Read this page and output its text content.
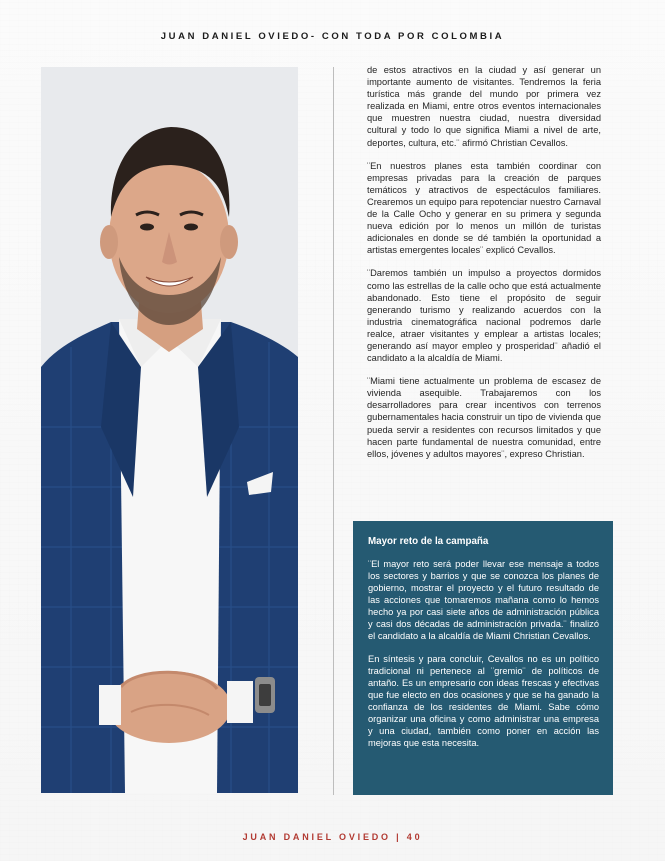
JUAN DANIEL OVIEDO- CON TODA POR COLOMBIA

de estos atractivos en la ciudad y así generar un importante aumento de visitantes. Tendremos la feria turística más grande del mundo por primera vez realizada en Miami, entre otros eventos internacionales que muestren nuestra ciudad, nuestra diversidad cultural y todo lo que significa Miami a nivel de arte, deportes, cultura, etc.¨ afirmó Christian Cevallos.

¨En nuestros planes esta también coordinar con empresas privadas para la creación de parques temáticos y atractivos de espectáculos familiares. Crearemos un equipo para repotenciar nuestro Carnaval de la Calle Ocho y generar en su primera y segunda nueva edición por lo menos un millón de turistas adicionales en donde se dé también la oportunidad a artistas emergentes locales¨ explicó Cevallos.

¨Daremos también un impulso a proyectos dormidos como las estrellas de la calle ocho que está actualmente abandonado. Esto tiene el propósito de seguir generando turismo y realizando acuerdos con la industria cinematográfica nacional podremos darle realce, atraer visitantes y emplear a artistas locales; generando así mayor empleo y prosperidad¨ añadió el candidato a la alcaldía de Miami.

¨Miami tiene actualmente un problema de escasez de vivienda asequible. Trabajaremos con los desarrolladores para crear incentivos con terrenos gubernamentales hacia construir un tipo de vivienda que pueda servir a residentes con recursos limitados y que hacen parte fundamental de nuestra comunidad, entre ellos, jóvenes y adultos mayores¨, expreso Christian.

Mayor reto de la campaña

¨El mayor reto será poder llevar ese mensaje a todos los sectores y barrios y que se conozca los planes de gobierno, mostrar el proyecto y el futuro resultado de las acciones que tomaremos mañana como lo hemos hecho ya por casi siete años de administración pública y casi dos décadas de administración privada.¨ finalizó el candidato a la alcaldía de Miami Christian Cevallos.

En síntesis y para concluir, Cevallos no es un político tradicional ni pertenece al ¨gremio¨ de políticos de antaño. Es un empresario con ideas frescas y efectivas que fue electo en dos ocasiones y que se ha ganado la confianza de los residentes de Miami. Sabe cómo organizar una oficina y como administrar una empresa y una ciudad, también como poner en acción las mejoras que esta necesita.

JUAN DANIEL OVIEDO | 40
